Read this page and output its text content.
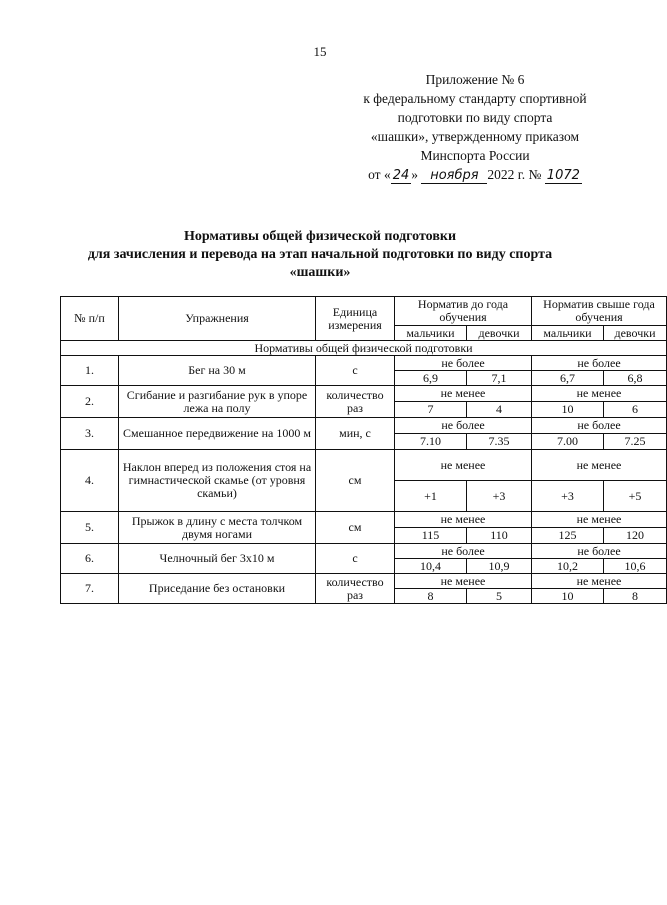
15
Приложение № 6
к федеральному стандарту спортивной
подготовки по виду спорта
«шашки», утвержденному приказом
Минспорта России
от « 24 » ноября 2022 г. № 1072
Нормативы общей физической подготовки
для зачисления и перевода на этап начальной подготовки по виду спорта
«шашки»
№ п/п	Упражнения	Единица измерения	Норматив до года обучения		Норматив свыше года обучения	
			мальчики	девочки	мальчики	девочки
Нормативы общей физической подготовки						
1.	Бег на 30 м	с	не более		не более	
			6,9	7,1	6,7	6,8
2.	Сгибание и разгибание рук в упоре лежа на полу	количество раз	не менее		не менее	
			7	4	10	6
3.	Смешанное передвижение на 1000 м	мин, с	не более		не более	
			7.10	7.35	7.00	7.25
4.	Наклон вперед из положения стоя на гимнастической скамье (от уровня скамьи)	см	не менее		не менее	
			+1	+3	+3	+5
5.	Прыжок в длину с места толчком двумя ногами	см	не менее		не менее	
			115	110	125	120
6.	Челночный бег 3x10 м	с	не более		не более	
			10,4	10,9	10,2	10,6
7.	Приседание без остановки	количество раз	не менее		не менее	
			8	5	10	8
